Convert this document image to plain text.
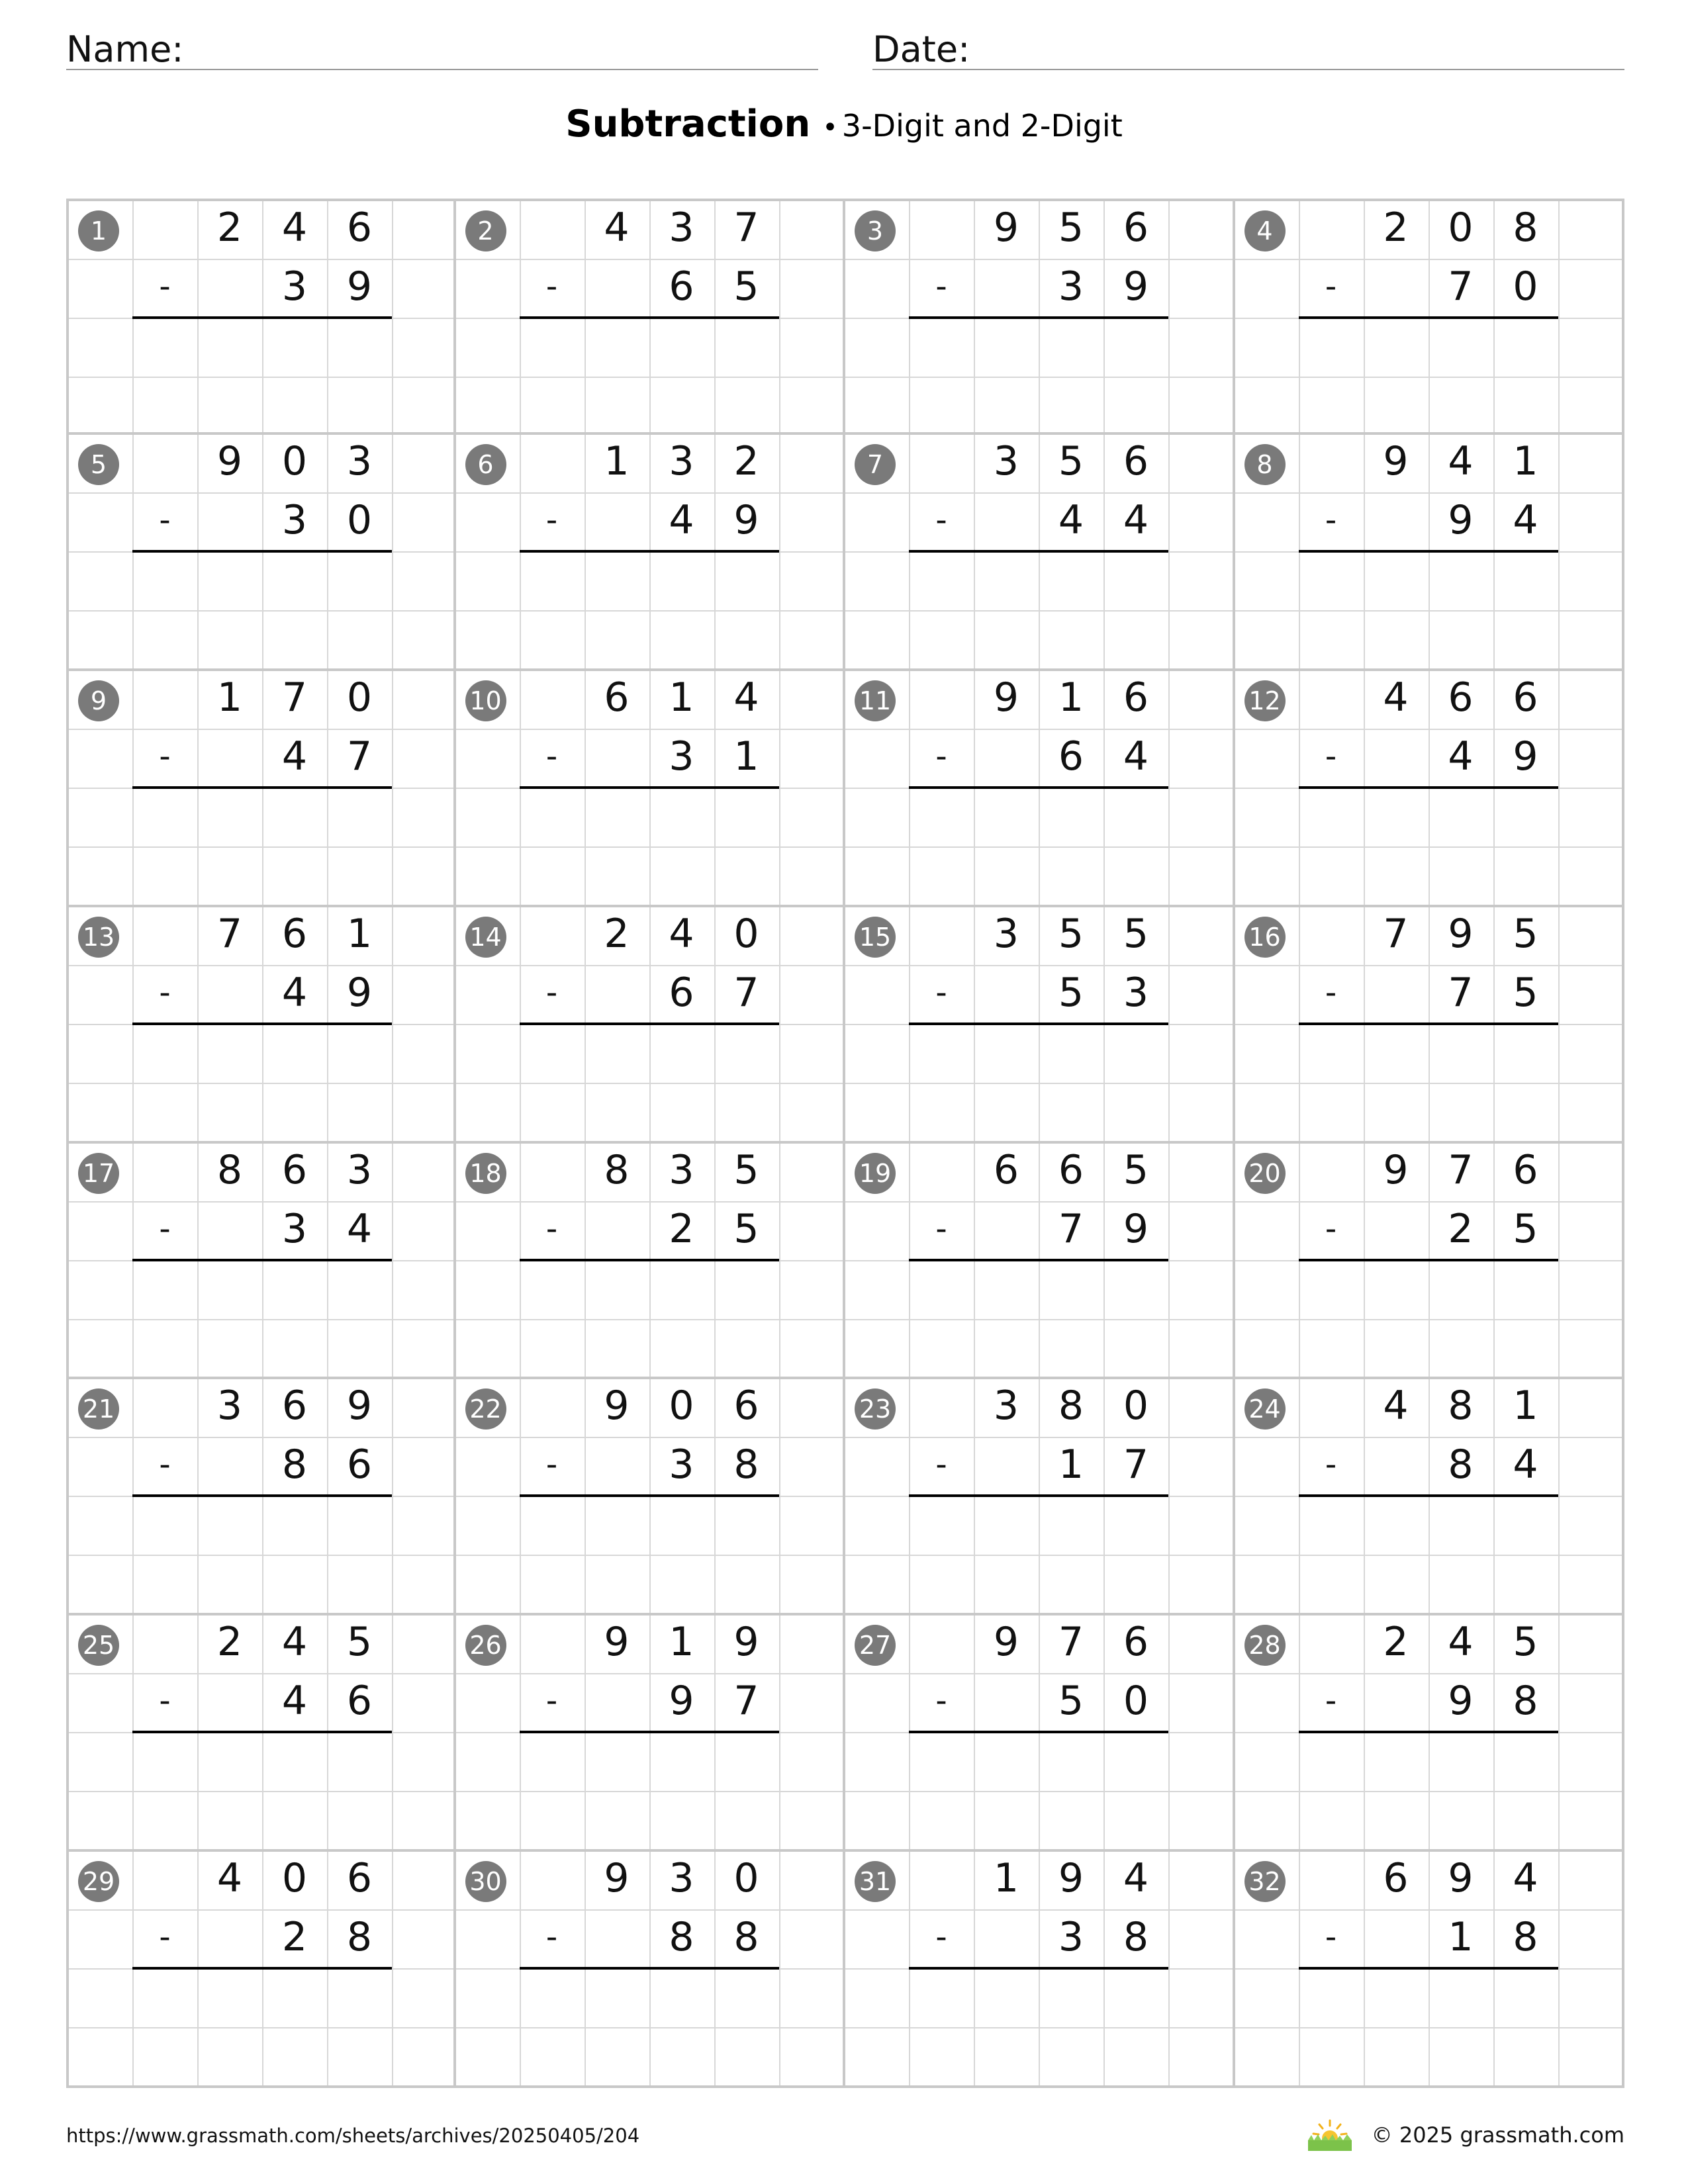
Name:	Date:
Subtraction • 3-Digit and 2-Digit
1	2 4 6
-	3 9
2	4 3 7
-	6 5
3	9 5 6
-	3 9
4	2 0 8
-	7 0
5	9 0 3
-	3 0
6	1 3 2
-	4 9
7	3 5 6
-	4 4
8	9 4 1
-	9 4
9	1 7 0
-	4 7
10	6 1 4
-	3 1
11	9 1 6
-	6 4
12	4 6 6
-	4 9
13	7 6 1
-	4 9
14	2 4 0
-	6 7
15	3 5 5
-	5 3
16	7 9 5
-	7 5
17	8 6 3
-	3 4
18	8 3 5
-	2 5
19	6 6 5
-	7 9
20	9 7 6
-	2 5
21	3 6 9
-	8 6
22	9 0 6
-	3 8
23	3 8 0
-	1 7
24	4 8 1
-	8 4
25	2 4 5
-	4 6
26	9 1 9
-	9 7
27	9 7 6
-	5 0
28	2 4 5
-	9 8
29	4 0 6
-	2 8
30	9 3 0
-	8 8
31	1 9 4
-	3 8
32	6 9 4
-	1 8
https://www.grassmath.com/sheets/archives/20250405/204	© 2025 grassmath.com
